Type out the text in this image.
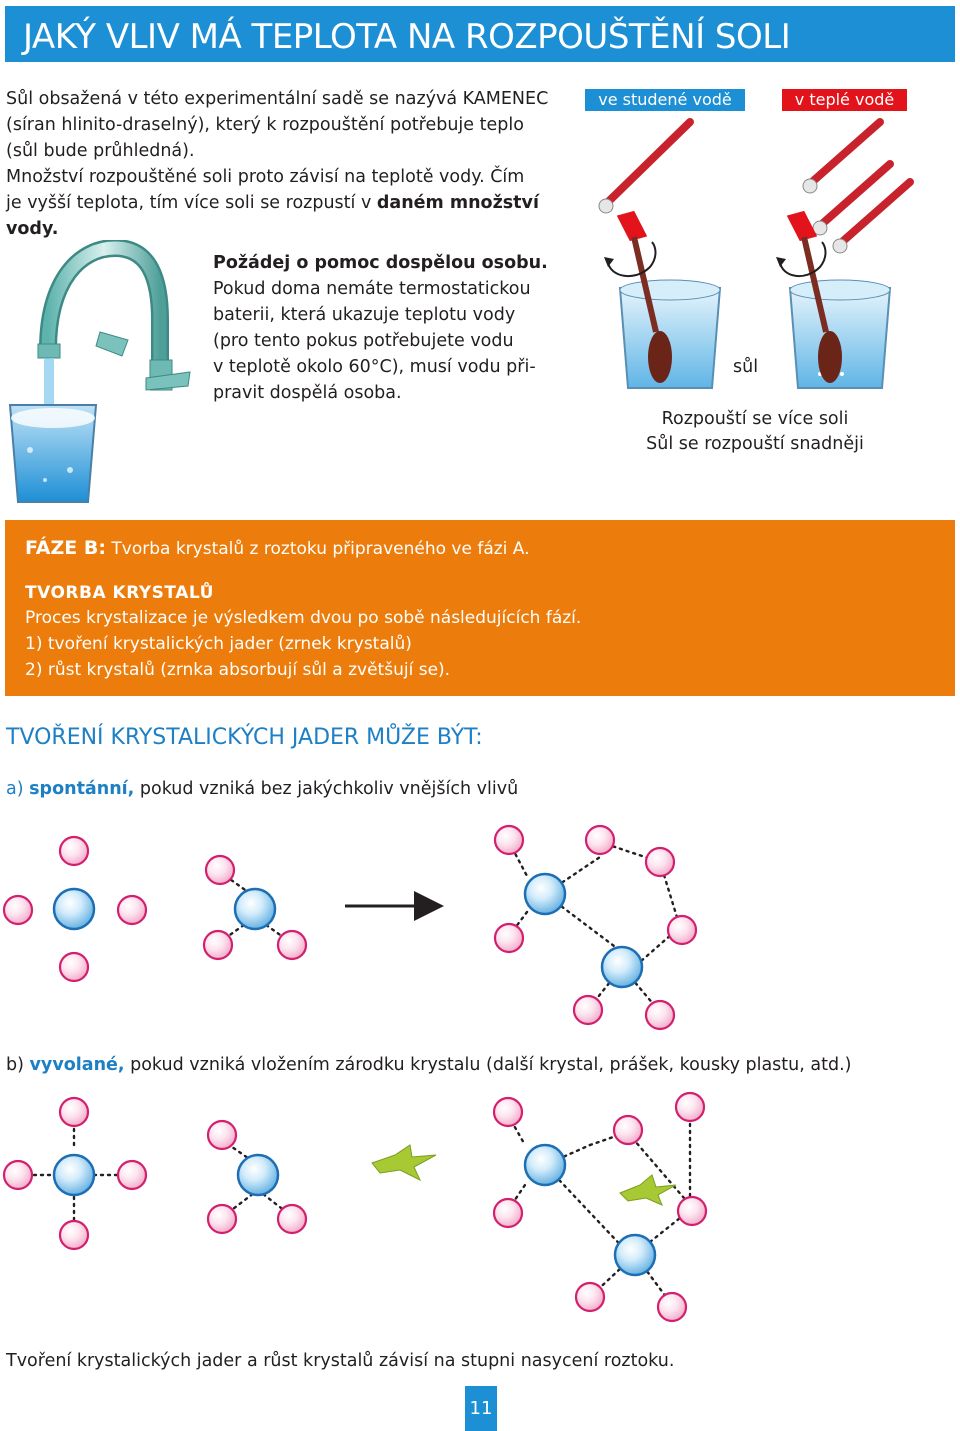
JAKÝ VLIV MÁ TEPLOTA NA ROZPOUŠTĚNÍ SOLI
Sůl obsažená v této experimentální sadě se nazývá KAMENEC
(síran hlinito-draselný), který k rozpouštění potřebuje teplo
(sůl bude průhledná).
Množství rozpouštěné soli proto závisí na teplotě vody. Čím
je vyšší teplota, tím více soli se rozpustí v daném množství
vody.
Požádej o pomoc dospělou osobu.
Pokud doma nemáte termostatickou
baterii, která ukazuje teplotu vody
(pro tento pokus potřebujete vodu
v teplotě okolo 60°C), musí vodu při-
pravit dospělá osoba.
ve studené vodě	v teplé vodě
sůl
Rozpouští se více soli
Sůl se rozpouští snadněji
FÁZE B: Tvorba krystalů z roztoku připraveného ve fázi A.
TVORBA KRYSTALŮ
Proces krystalizace je výsledkem dvou po sobě následujících fází.
1) tvoření krystalických jader (zrnek krystalů)
2) růst krystalů (zrnka absorbují sůl a zvětšují se).
TVOŘENÍ KRYSTALICKÝCH JADER MŮŽE BÝT:
a) spontánní, pokud vzniká bez jakýchkoliv vnějších vlivů
b) vyvolané, pokud vzniká vložením zárodku krystalu (další krystal, prášek, kousky plastu, atd.)
Tvoření krystalických jader a růst krystalů závisí na stupni nasycení roztoku.
11
